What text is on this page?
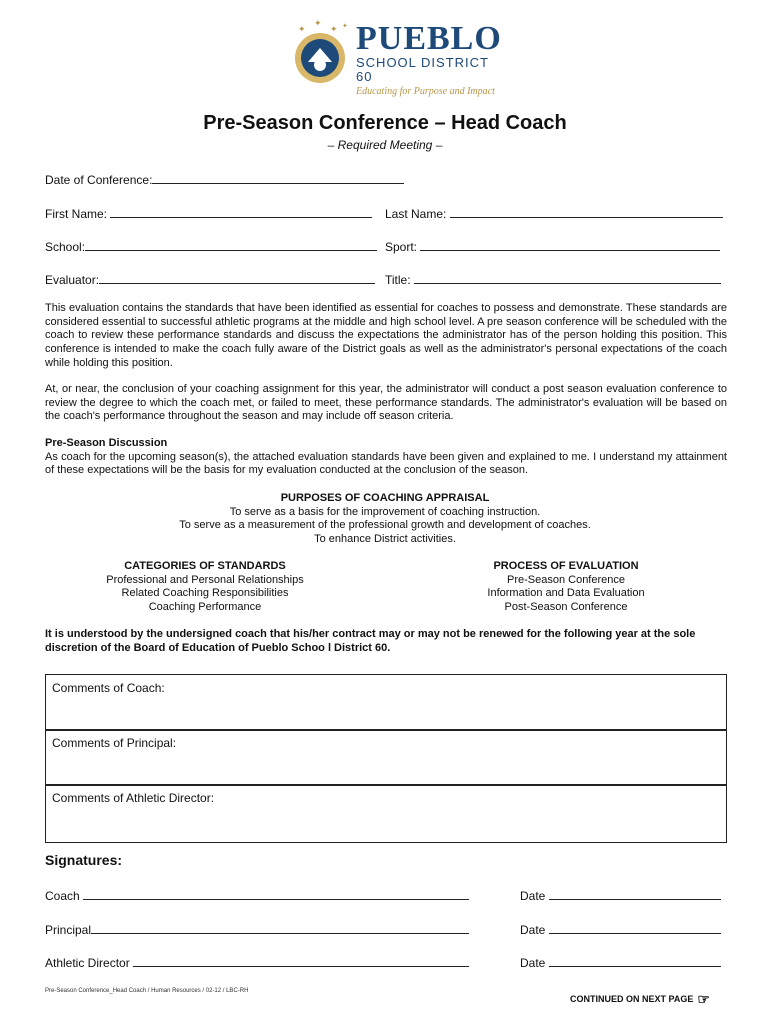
✦
✦
✦ ✦ PUEBLO
SCHOOL DISTRICT 60
Educating for Purpose and Impact
Pre-Season Conference – Head Coach
– Required Meeting –
Date of Conference:
First Name:	Last Name:
School:	Sport:
Evaluator:	Title:
This evaluation contains the standards that have been identified as essential for coaches to possess and demonstrate. These standards are considered essential to successful athletic programs at the middle and high school level. A pre season conference will be scheduled with the coach to review these performance standards and discuss the expectations the administrator has of the person holding this position. This conference is intended to make the coach fully aware of the District goals as well as the administrator's personal expectations of the coach while holding this position.
At, or near, the conclusion of your coaching assignment for this year, the administrator will conduct a post season evaluation conference to review the degree to which the coach met, or failed to meet, these performance standards. The administrator's evaluation will be based on the coach's performance throughout the season and may include off season criteria.
Pre-Season Discussion
As coach for the upcoming season(s), the attached evaluation standards have been given and explained to me. I understand my attainment of these expectations will be the basis for my evaluation conducted at the conclusion of the season.
PURPOSES OF COACHING APPRAISAL
To serve as a basis for the improvement of coaching instruction.
To serve as a measurement of the professional growth and development of coaches.
To enhance District activities.
CATEGORIES OF STANDARDS
Professional and Personal Relationships
Related Coaching Responsibilities
Coaching Performance
PROCESS OF EVALUATION
Pre-Season Conference
Information and Data Evaluation
Post-Season Conference
It is understood by the undersigned coach that his/her contract may or may not be renewed for the following year at the sole discretion of the Board of Education of Pueblo Schoo l District 60.
Comments of Coach:
Comments of Principal:
Comments of Athletic Director:
Signatures:
Coach	Date
Principal	Date
Athletic Director	Date
Pre-Season Conference_Head Coach / Human Resources / 02-12 / LBC-RH
CONTINUED ON NEXT PAGE ☞
